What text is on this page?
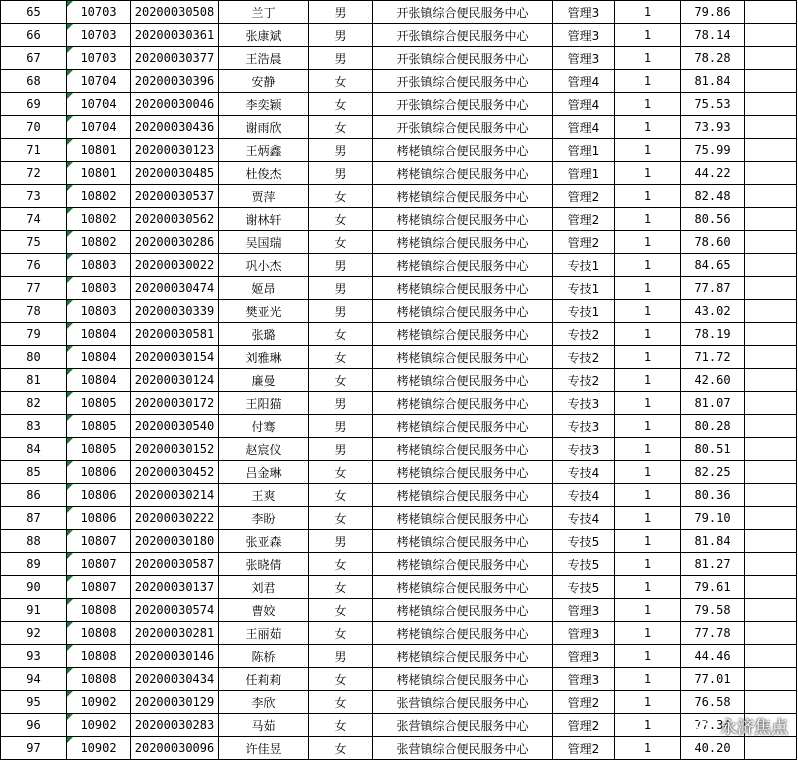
65	10703	20200030508	兰丁	男	开张镇综合便民服务中心	管理3	1	79.86	
66	10703	20200030361	张康斌	男	开张镇综合便民服务中心	管理3	1	78.14	
67	10703	20200030377	王浩晨	男	开张镇综合便民服务中心	管理3	1	78.28	
68	10704	20200030396	安静	女	开张镇综合便民服务中心	管理4	1	81.84	
69	10704	20200030046	李奕颖	女	开张镇综合便民服务中心	管理4	1	75.53	
70	10704	20200030436	谢雨欣	女	开张镇综合便民服务中心	管理4	1	73.93	
71	10801	20200030123	王炳鑫	男	栲栳镇综合便民服务中心	管理1	1	75.99	
72	10801	20200030485	杜俊杰	男	栲栳镇综合便民服务中心	管理1	1	44.22	
73	10802	20200030537	贾萍	女	栲栳镇综合便民服务中心	管理2	1	82.48	
74	10802	20200030562	谢林轩	女	栲栳镇综合便民服务中心	管理2	1	80.56	
75	10802	20200030286	吴国瑞	女	栲栳镇综合便民服务中心	管理2	1	78.60	
76	10803	20200030022	巩小杰	男	栲栳镇综合便民服务中心	专技1	1	84.65	
77	10803	20200030474	姬昂	男	栲栳镇综合便民服务中心	专技1	1	77.87	
78	10803	20200030339	樊亚光	男	栲栳镇综合便民服务中心	专技1	1	43.02	
79	10804	20200030581	张璐	女	栲栳镇综合便民服务中心	专技2	1	78.19	
80	10804	20200030154	刘雅琳	女	栲栳镇综合便民服务中心	专技2	1	71.72	
81	10804	20200030124	廉曼	女	栲栳镇综合便民服务中心	专技2	1	42.60	
82	10805	20200030172	王阳猫	男	栲栳镇综合便民服务中心	专技3	1	81.07	
83	10805	20200030540	付骞	男	栲栳镇综合便民服务中心	专技3	1	80.28	
84	10805	20200030152	赵宸仪	男	栲栳镇综合便民服务中心	专技3	1	80.51	
85	10806	20200030452	吕金琳	女	栲栳镇综合便民服务中心	专技4	1	82.25	
86	10806	20200030214	王爽	女	栲栳镇综合便民服务中心	专技4	1	80.36	
87	10806	20200030222	李盼	女	栲栳镇综合便民服务中心	专技4	1	79.10	
88	10807	20200030180	张亚森	男	栲栳镇综合便民服务中心	专技5	1	81.84	
89	10807	20200030587	张晓倩	女	栲栳镇综合便民服务中心	专技5	1	81.27	
90	10807	20200030137	刘君	女	栲栳镇综合便民服务中心	专技5	1	79.61	
91	10808	20200030574	曹姣	女	栲栳镇综合便民服务中心	管理3	1	79.58	
92	10808	20200030281	王丽茹	女	栲栳镇综合便民服务中心	管理3	1	77.78	
93	10808	20200030146	陈桥	男	栲栳镇综合便民服务中心	管理3	1	44.46	
94	10808	20200030434	任莉莉	女	栲栳镇综合便民服务中心	管理3	1	77.01	
95	10902	20200030129	李欣	女	张营镇综合便民服务中心	管理2	1	76.58	
96	10902	20200030283	马茹	女	张营镇综合便民服务中心	管理2	1	77.34	
97	10902	20200030096	许佳昱	女	张营镇综合便民服务中心	管理2	1	40.20	
永济焦点
